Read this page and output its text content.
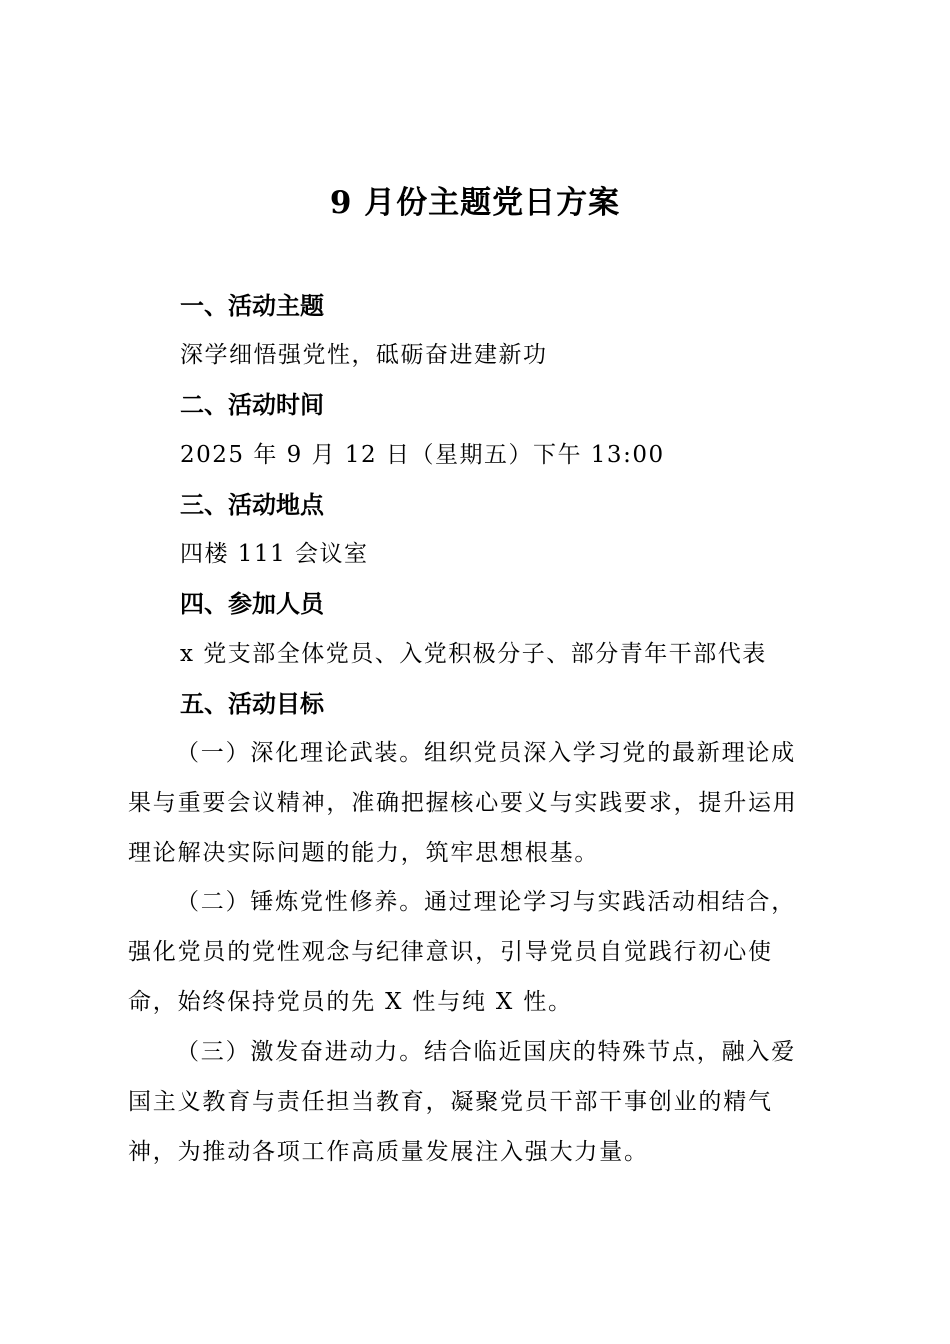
9 月份主题党日方案
一、活动主题
深学细悟强党性，砥砺奋进建新功
二、活动时间
2025 年 9 月 12 日（星期五）下午 13:00
三、活动地点
四楼 111 会议室
四、参加人员
x 党支部全体党员、入党积极分子、部分青年干部代表
五、活动目标
（一）深化理论武装。组织党员深入学习党的最新理论成果与重要会议精神，准确把握核心要义与实践要求，提升运用理论解决实际问题的能力，筑牢思想根基。
（二）锤炼党性修养。通过理论学习与实践活动相结合，强化党员的党性观念与纪律意识，引导党员自觉践行初心使命，始终保持党员的先 X 性与纯 X 性。
（三）激发奋进动力。结合临近国庆的特殊节点，融入爱国主义教育与责任担当教育，凝聚党员干部干事创业的精气神，为推动各项工作高质量发展注入强大力量。
